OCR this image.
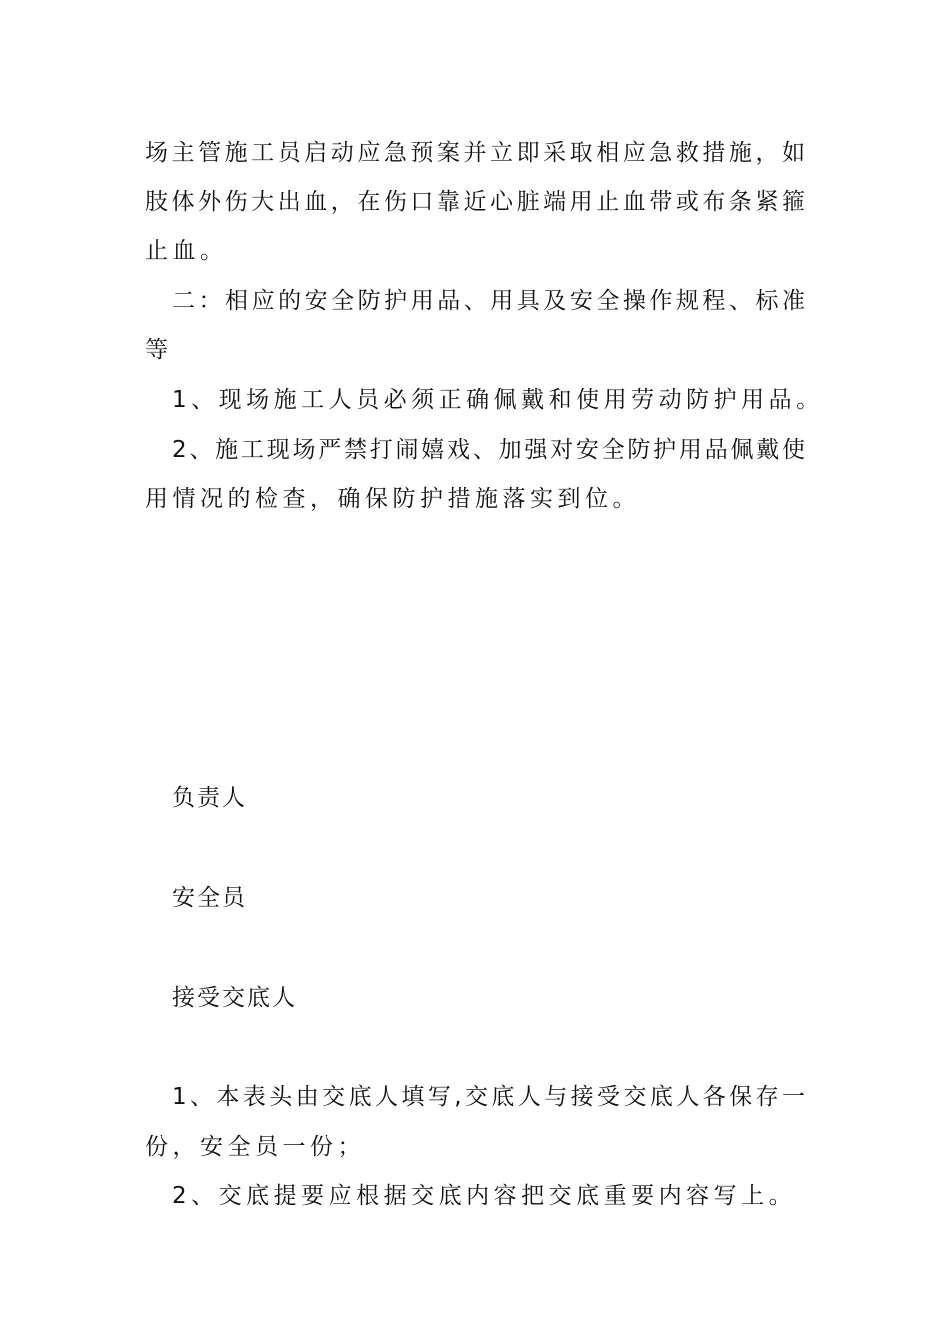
场主管施工员启动应急预案并立即采取相应急救措施，如
肢体外伤大出血，在伤口靠近心脏端用止血带或布条紧箍
止血。
二：相应的安全防护用品、用具及安全操作规程、标准
等
1、现场施工人员必须正确佩戴和使用劳动防护用品。
2、施工现场严禁打闹嬉戏、加强对安全防护用品佩戴使
用情况的检查，确保防护措施落实到位。
负责人
安全员
接受交底人
1、本表头由交底人填写,交底人与接受交底人各保存一
份，安全员一份；
2、交底提要应根据交底内容把交底重要内容写上。
